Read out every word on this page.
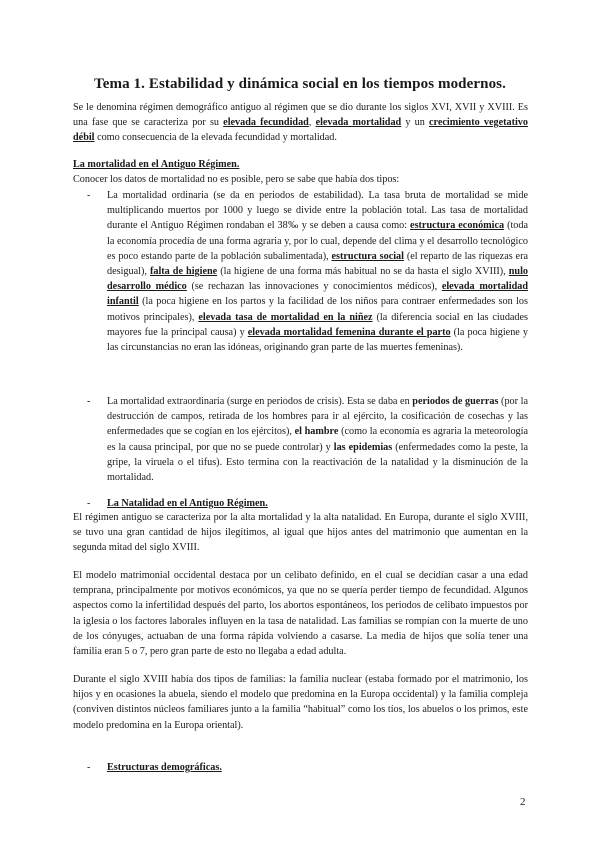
Tema 1. Estabilidad y dinámica social en los tiempos modernos.

Se le denomina régimen demográfico antiguo al régimen que se dio durante los siglos XVI, XVII y XVIII. Es una fase que se caracteriza por su elevada fecundidad, elevada mortalidad y un crecimiento vegetativo débil como consecuencia de la elevada fecundidad y mortalidad.

La mortalidad en el Antiguo Régimen.
Conocer los datos de mortalidad no es posible, pero se sabe que había dos tipos:
- La mortalidad ordinaria (se da en periodos de estabilidad). La tasa bruta de mortalidad se mide multiplicando muertos por 1000 y luego se divide entre la población total. Las tasa de mortalidad durante el Antiguo Régimen rondaban el 38‰ y se deben a causa como: estructura económica (toda la economía procedía de una forma agraria y, por lo cual, depende del clima y el desarrollo tecnológico es poco estando parte de la población subalimentada), estructura social (el reparto de las riquezas era desigual), falta de higiene (la higiene de una forma más habitual no se da hasta el siglo XVIII), nulo desarrollo médico (se rechazan las innovaciones y conocimientos médicos), elevada mortalidad infantil (la poca higiene en los partos y la facilidad de los niños para contraer enfermedades son los motivos principales), elevada tasa de mortalidad en la niñez (la diferencia social en las ciudades mayores fue la principal causa) y elevada mortalidad femenina durante el parto (la poca higiene y las circunstancias no eran las idóneas, originando gran parte de las muertes femeninas).

- La mortalidad extraordinaria (surge en periodos de crisis). Esta se daba en periodos de guerras (por la destrucción de campos, retirada de los hombres para ir al ejército, la cosificación de cosechas y las enfermedades que se cogían en los ejércitos), el hambre (como la economía es agraria la meteorología es la causa principal, por que no se puede controlar) y las epidemias (enfermedades como la peste, la gripe, la viruela o el tifus). Esto termina con la reactivación de la natalidad y la disminución de la mortalidad.

- La Natalidad en el Antiguo Régimen.

El régimen antiguo se caracteriza por la alta mortalidad y la alta natalidad. En Europa, durante el siglo XVIII, se tuvo una gran cantidad de hijos ilegítimos, al igual que hijos antes del matrimonio que aumentan en la segunda mitad del siglo XVIII.

El modelo matrimonial occidental destaca por un celibato definido, en el cual se decidían casar a una edad temprana, principalmente por motivos económicos, ya que no se quería perder tiempo de fecundidad. Algunos aspectos como la infertilidad después del parto, los abortos espontáneos, los periodos de celibato impuestos por la iglesia o los factores laborales influyen en la tasa de natalidad. Las familias se rompían con la muerte de uno de los cónyuges, actuaban de una forma rápida volviendo a casarse. La media de hijos que solía tener una familia eran 5 o 7, pero gran parte de esto no llegaba a edad adulta.

Durante el siglo XVIII había dos tipos de familias: la familia nuclear (estaba formado por el matrimonio, los hijos y en ocasiones la abuela, siendo el modelo que predomina en la Europa occidental) y la familia compleja (conviven distintos núcleos familiares junto a la familia “habitual” como los tíos, los abuelos o los primos, este modelo predomina en la Europa oriental).

- Estructuras demográficas.
2
